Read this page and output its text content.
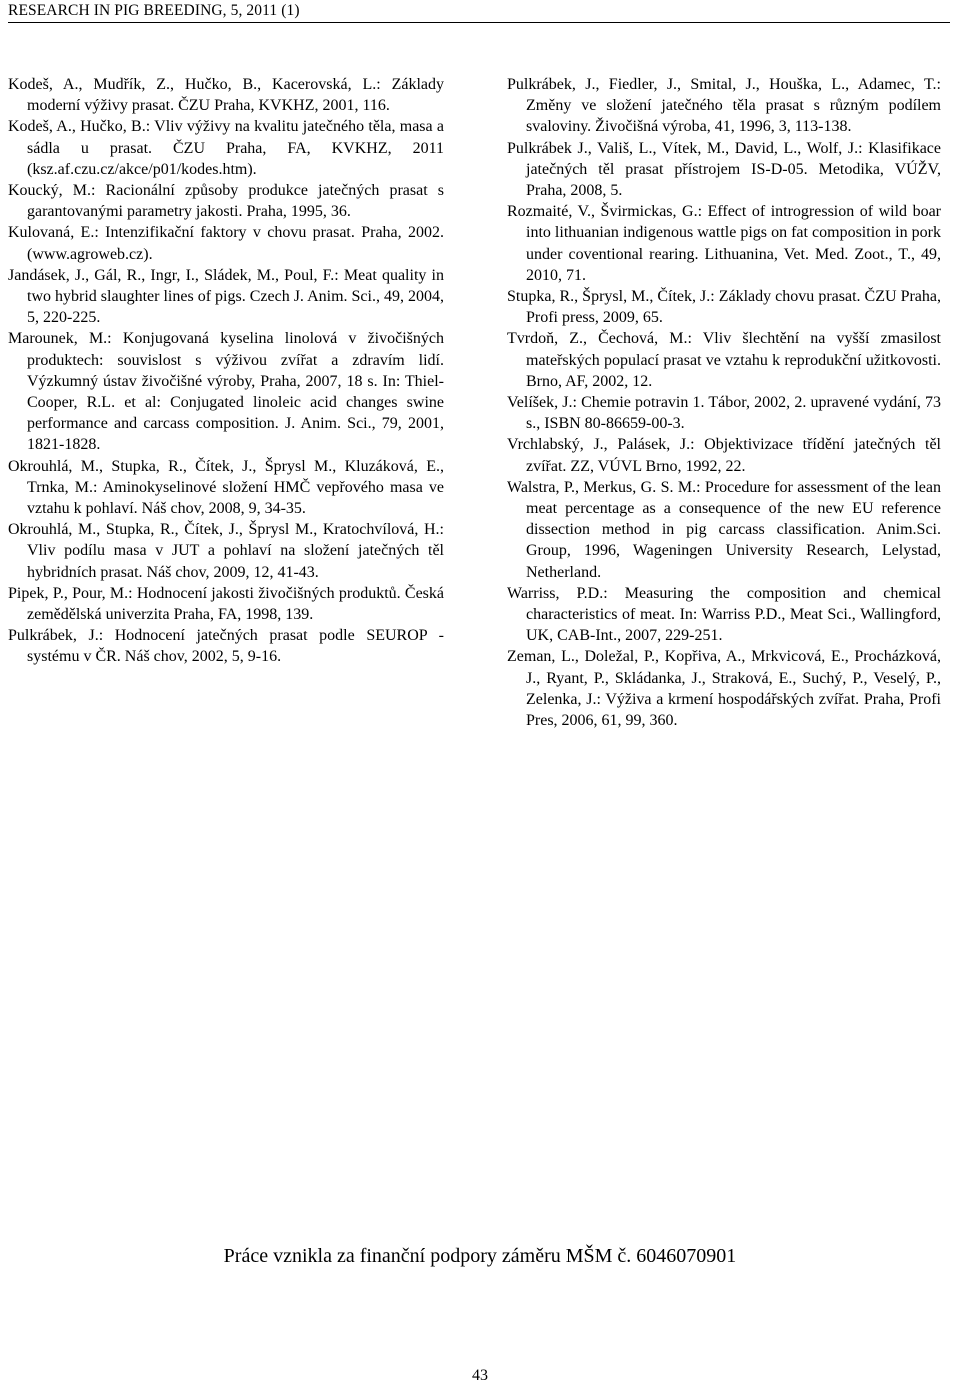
RESEARCH IN PIG BREEDING, 5, 2011 (1)

Kodeš, A., Mudřík, Z., Hučko, B., Kacerovská, L.: Základy moderní výživy prasat. ČZU Praha, KVKHZ, 2001, 116.

Kodeš, A., Hučko, B.: Vliv výživy na kvalitu jatečného těla, masa a sádla u prasat. ČZU Praha, FA, KVKHZ, 2011 (ksz.af.czu.cz/akce/p01/kodes.htm).

Koucký, M.: Racionální způsoby produkce jatečných prasat s garantovanými parametry jakosti. Praha, 1995, 36.

Kulovaná, E.: Intenzifikační faktory v chovu prasat. Praha, 2002. (www.agroweb.cz).

Jandásek, J., Gál, R., Ingr, I., Sládek, M., Poul, F.: Meat quality in two hybrid slaughter lines of pigs. Czech J. Anim. Sci., 49, 2004, 5, 220-225.

Marounek, M.: Konjugovaná kyselina linolová v živočišných produktech: souvislost s výživou zvířat a zdravím lidí. Výzkumný ústav živočišné výroby, Praha, 2007, 18 s. In: Thiel-Cooper, R.L. et al: Conjugated linoleic acid changes swine performance and carcass composition. J. Anim. Sci., 79, 2001, 1821-1828.

Okrouhlá, M., Stupka, R., Čítek, J., Šprysl M., Kluzáková, E., Trnka, M.: Aminokyselinové složení HMČ vepřového masa ve vztahu k pohlaví. Náš chov, 2008, 9, 34-35.

Okrouhlá, M., Stupka, R., Čítek, J., Šprysl M., Kratochvílová, H.: Vliv podílu masa v JUT a pohlaví na složení jatečných těl hybridních prasat. Náš chov, 2009, 12, 41-43.

Pipek, P., Pour, M.: Hodnocení jakosti živočišných produktů. Česká zemědělská univerzita Praha, FA, 1998, 139.

Pulkrábek, J.: Hodnocení jatečných prasat podle SEUROP - systému v ČR. Náš chov, 2002, 5, 9-16.

Pulkrábek, J., Fiedler, J., Smital, J., Houška, L., Adamec, T.: Změny ve složení jatečného těla prasat s různým podílem svaloviny. Živočišná výroba, 41, 1996, 3, 113-138.

Pulkrábek J., Vališ, L., Vítek, M., David, L., Wolf, J.: Klasifikace jatečných těl prasat přístrojem IS-D-05. Metodika, VÚŽV, Praha, 2008, 5.

Rozmaité, V., Švirmickas, G.: Effect of introgression of wild boar into lithuanian indigenous wattle pigs on fat composition in pork under coventional rearing. Lithuanina, Vet. Med. Zoot., T., 49, 2010, 71.

Stupka, R., Šprysl, M., Čítek, J.: Základy chovu prasat. ČZU Praha, Profi press, 2009, 65.

Tvrdoň, Z., Čechová, M.: Vliv šlechtění na vyšší zmasilost mateřských populací prasat ve vztahu k reprodukční užitkovosti. Brno, AF, 2002, 12.

Velíšek, J.: Chemie potravin 1. Tábor, 2002, 2. upravené vydání, 73 s., ISBN 80-86659-00-3.

Vrchlabský, J., Palásek, J.: Objektivizace třídění jatečných těl zvířat. ZZ, VÚVL Brno, 1992, 22.

Walstra, P., Merkus, G. S. M.: Procedure for assessment of the lean meat percentage as a consequence of the new EU reference dissection method in pig carcass classification. Anim.Sci. Group, 1996, Wageningen University Research, Lelystad, Netherland.

Warriss, P.D.: Measuring the composition and chemical characteristics of meat. In: Warriss P.D., Meat Sci., Wallingford, UK, CAB-Int., 2007, 229-251.

Zeman, L., Doležal, P., Kopřiva, A., Mrkvicová, E., Procházková, J., Ryant, P., Skládanka, J., Straková, E., Suchý, P., Veselý, P., Zelenka, J.: Výživa a krmení hospodářských zvířat. Praha, Profi Pres, 2006, 61, 99, 360.

Práce vznikla za finanční podpory záměru MŠM č. 6046070901
43
